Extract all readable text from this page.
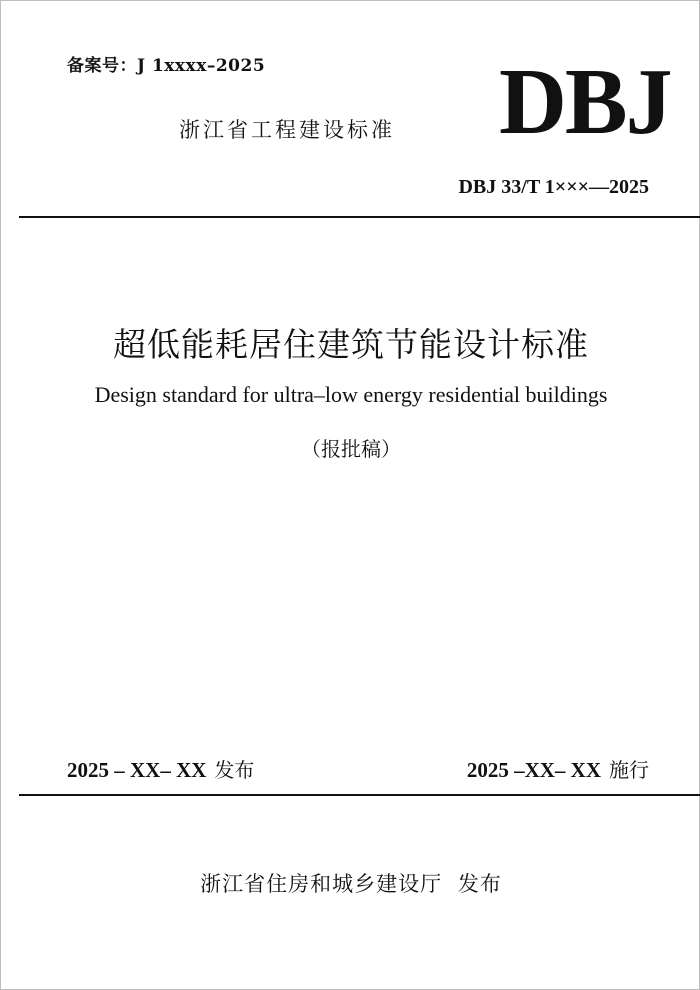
备案号：J 1xxxx–2025
浙江省工程建设标准 DBJ
DBJ 33/T 1×××—2025
超低能耗居住建筑节能设计标准
Design standard for ultra–low energy residential buildings
（报批稿）
2025 – XX– XX 发布	2025 –XX– XX 施行
浙江省住房和城乡建设厅 发布
